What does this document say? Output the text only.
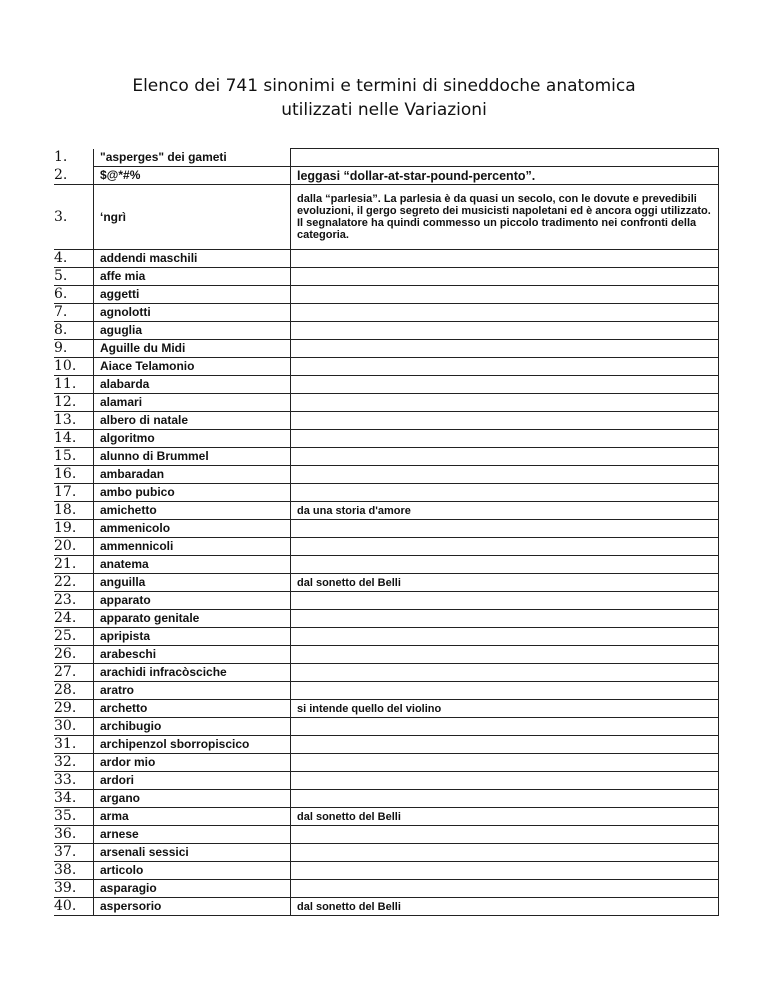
Elenco dei 741 sinonimi e termini di sineddoche anatomica
utilizzati nelle Variazioni
1.	"asperges" dei gameti	
2.	$@*#%	leggasi “dollar-at-star-pound-percento”.
3.	‘ngrì	dalla “parlesia”. La parlesia è da quasi un secolo, con le dovute e prevedibili evoluzioni, il gergo segreto dei musicisti napoletani ed è ancora oggi utilizzato. Il segnalatore ha quindi commesso un piccolo tradimento nei confronti della categoria.
4.	addendi maschili	
5.	affe mia	
6.	aggetti	
7.	agnolotti	
8.	aguglia	
9.	Aguille du Midi	
10.	Aiace Telamonio	
11.	alabarda	
12.	alamari	
13.	albero di natale	
14.	algoritmo	
15.	alunno di Brummel	
16.	ambaradan	
17.	ambo pubico	
18.	amichetto	da una storia d'amore
19.	ammenicolo	
20.	ammennicoli	
21.	anatema	
22.	anguilla	dal sonetto del Belli
23.	apparato	
24.	apparato genitale	
25.	apripista	
26.	arabeschi	
27.	arachidi infracòsciche	
28.	aratro	
29.	archetto	si intende quello del violino
30.	archibugio	
31.	archipenzol sborropiscico	
32.	ardor mio	
33.	ardori	
34.	argano	
35.	arma	dal sonetto del Belli
36.	arnese	
37.	arsenali sessici	
38.	articolo	
39.	asparagio	
40.	aspersorio	dal sonetto del Belli
